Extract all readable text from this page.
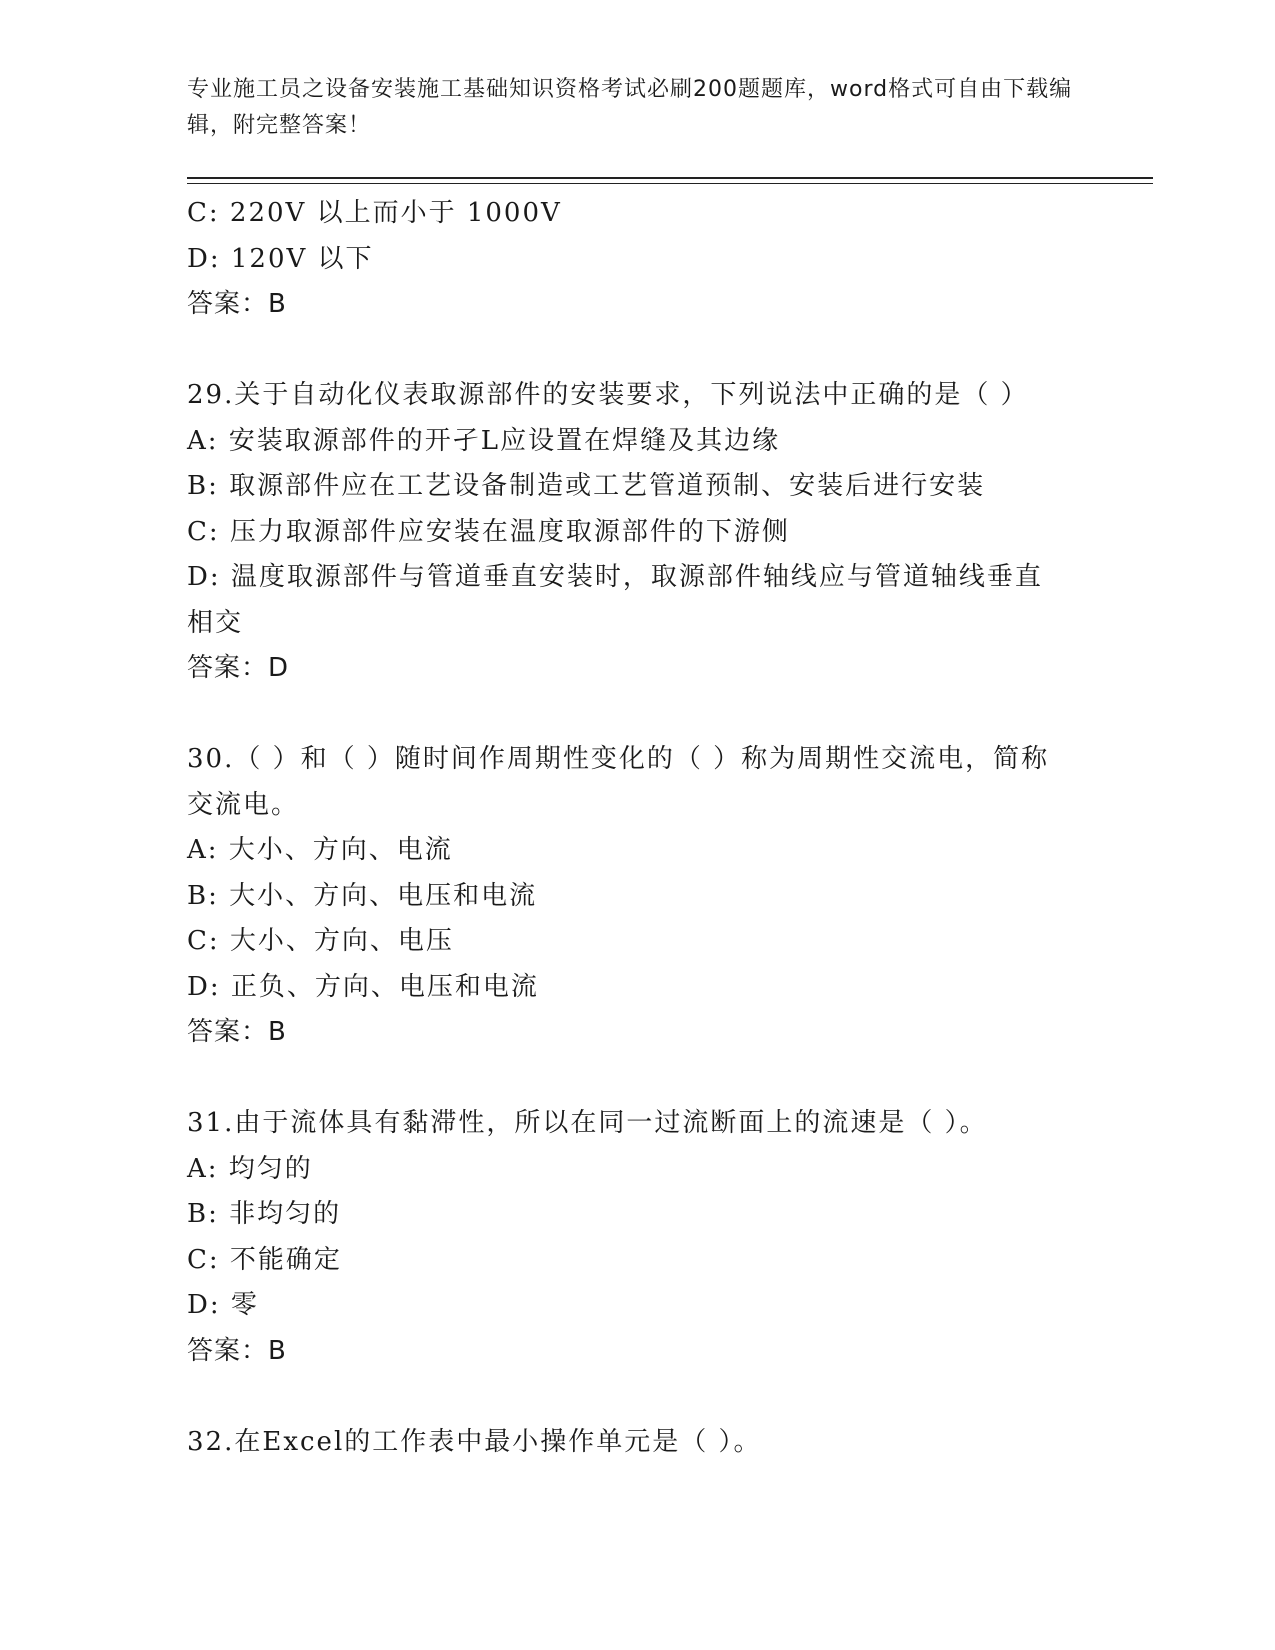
专业施工员之设备安装施工基础知识资格考试必刷200题题库，word格式可自由下载编辑，附完整答案！
C: 220V 以上而小于 1000V
D: 120V 以下
答案：B
29.关于自动化仪表取源部件的安装要求，下列说法中正确的是（ ）
A: 安装取源部件的开孑L应设置在焊缝及其边缘
B: 取源部件应在工艺设备制造或工艺管道预制、安装后进行安装
C: 压力取源部件应安装在温度取源部件的下游侧
D: 温度取源部件与管道垂直安装时，取源部件轴线应与管道轴线垂直相交
答案：D
30.（ ）和（ ）随时间作周期性变化的（ ）称为周期性交流电，简称交流电。
A: 大小、方向、电流
B: 大小、方向、电压和电流
C: 大小、方向、电压
D: 正负、方向、电压和电流
答案：B
31.由于流体具有黏滞性，所以在同一过流断面上的流速是（ ）。
A: 均匀的
B: 非均匀的
C: 不能确定
D: 零
答案：B
32.在Excel的工作表中最小操作单元是（ ）。
